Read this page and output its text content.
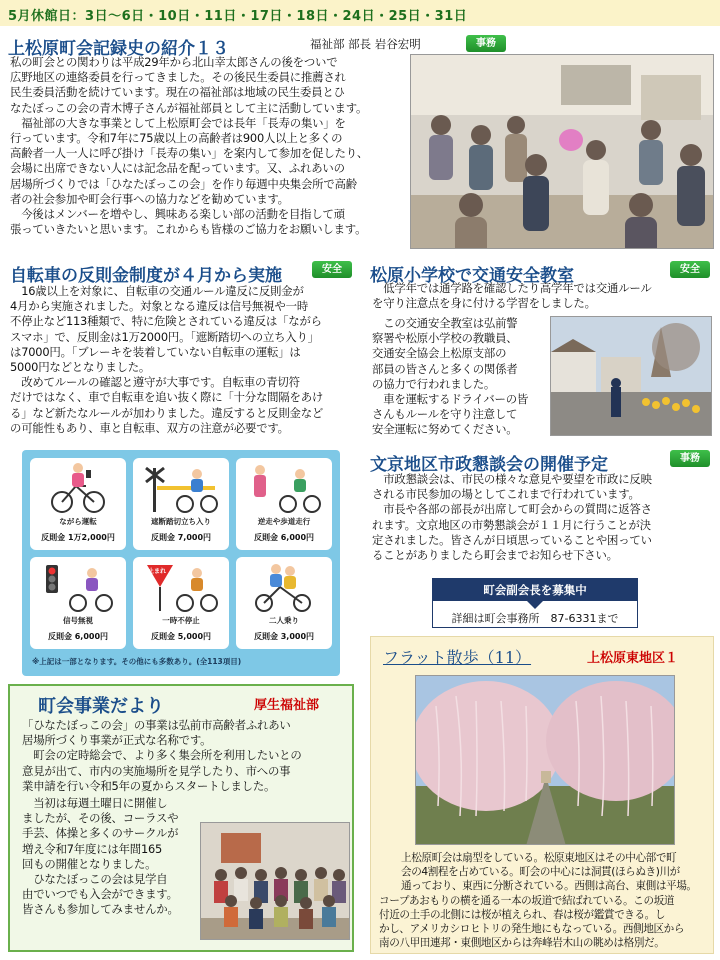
5月休館日：3日～6日・10日・11日・17日・18日・24日・25日・31日
上松原町会記録史の紹介１３	福祉部 部長 岩谷宏明	事務
私の町会との関わりは平成29年から北山幸太郎さんの後をついで
広野地区の連絡委員を行ってきました。その後民生委員に推薦され
民生委員活動を続けています。現在の福祉部は地域の民生委員とひ
なたぼっこの会の青木博子さんが福祉部員として主に活動しています。
　福祉部の大きな事業として上松原町会では長年「長寿の集い」を
行っています。令和7年に75歳以上の高齢者は900人以上と多くの
高齢者一人一人に呼び掛け「長寿の集い」を案内して参加を促したり、
会場に出席できない人には記念品を配っています。又、ふれあいの
居場所づくりでは「ひなたぼっこの会」を作り毎週中央集会所で高齢
者の社会参加や町会行事への協力などを勧めています。
　今後はメンバーを増やし、興味ある楽しい部の活動を目指して頑
張っていきたいと思います。これからも皆様のご協力をお願いします。
自転車の反則金制度が４月から実施	安全
　16歳以上を対象に、自転車の交通ルール違反に反則金が
4月から実施されました。対象となる違反は信号無視や一時
不停止など113種類で、特に危険とされている違反は「ながら
スマホ」で、反則金は1万2000円。「遮断踏切への立ち入り」
は7000円。「ブレーキを装着していない自転車の運転」は
5000円などとなりました。
　改めてルールの確認と遵守が大事です。自転車の青切符
だけではなく、車で自転車を追い抜く際に「十分な間隔をあけ
る」など新たなルールが加わりました。違反すると反則金など
の可能性もあり、車と自転車、双方の注意が必要です。
ながら運転
反則金 1万2,000円
遮断踏切立ち入り
反則金 7,000円
逆走や歩道走行
反則金 6,000円
信号無視
反則金 6,000円
止まれ
一時不停止
反則金 5,000円
二人乗り
反則金 3,000円
※上記は一部となります。その他にも多数あり。(全113項目)
松原小学校で交通安全教室	安全
　低学年では通学路を確認したり高学年では交通ルール
を守り注意点を身に付ける学習をしました。
　この交通安全教室は弘前警
察署や松原小学校の教職員、
交通安全協会上松原支部の
部員の皆さんと多くの関係者
の協力で行われました。
　車を運転するドライバーの皆
さんもルールを守り注意して
安全運転に努めてください。
文京地区市政懇談会の開催予定	事務
　市政懇談会は、市民の様々な意見や要望を市政に反映
される市民参加の場としてこれまで行われています。
　市長や各部の部長が出席して町会からの質問に返答さ
れます。文京地区の市勢懇談会が１１月に行うことが決
定されました。皆さんが日頃思っていることや困ってい
ることがありましたら町会までお知らせ下さい。
町会副会長を募集中
詳細は町会事務所　87-6331まで
町会事業だより	厚生福祉部
「ひなたぼっこの会」の事業は弘前市高齢者ふれあい
居場所づくり事業が正式な名称です。
　町会の定時総会で、より多く集会所を利用したいとの
意見が出て、市内の実施場所を見学したり、市への事
業申請を行い令和5年の夏からスタートしました。
　当初は毎週土曜日に開催し
ましたが、その後、コーラスや
手芸、体操と多くのサークルが
増え令和7年度には年間165
回もの開催となりました。
　ひなたぼっこの会は見学自
由でいつでも入会ができます。
皆さんも参加してみませんか。
フラット散歩（11）	上松原東地区１
上松原町会は扇型をしている。松原東地区はその中心部で町
会の4割程を占めている。町会の中心には洞貫(ほらぬき)川が
通っており、東西に分断されている。西側は高台、東側は平場。
コープあおもりの横を通る一本の坂道で結ばれている。この坂道
付近の土手の北側には桜が植えられ、春は桜が鑑賞できる。し
かし、アメリカシロヒトリの発生地にもなっている。西側地区から
南の八甲田連邦・東側地区からは奔峰岩木山の眺めは格別だ。
